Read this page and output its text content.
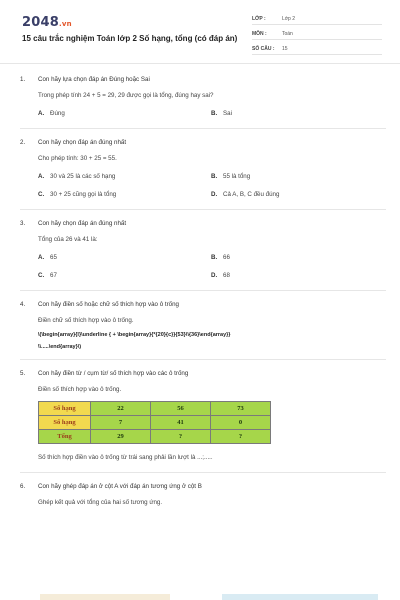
2048.vn
15 câu trắc nghiệm Toán lớp 2 Số hạng, tổng (có đáp án)
LỚP :	Lớp 2
MÔN :	Toán
SỐ CÂU :	15
1.	Con hãy lựa chọn đáp án Đúng hoặc Sai
Trong phép tính 24 + 5 = 29, 29 được gọi là tổng, đúng hay sai?
A. Đúng	B. Sai
2.	Con hãy chọn đáp án đúng nhất
Cho phép tính: 30 + 25 = 55.
A. 30 và 25 là các số hạng	B. 55 là tổng
C. 30 + 25 cũng gọi là tổng	D. Cả A, B, C đều đúng
3.	Con hãy chọn đáp án đúng nhất
Tổng của 26 và 41 là:
A. 65	B. 66
C. 67	D. 68
4.	Con hãy điền số hoặc chữ số thích hợp vào ô trống
Điền chữ số thích hợp vào ô trống.
\(\begin{array}{l}\underline { + \begin{array}{*{20}{c}}{53}\\{36}\end{array}}
\\.....\end{array}\)
5.	Con hãy điền từ / cụm từ/ số thích hợp vào các ô trống
Điền số thích hợp vào ô trống.
Số hạng	22	56	73
Số hạng	7	41	0
Tổng	29	?	?
Số thích hợp điền vào ô trống từ trái sang phải lần lượt là ...;.....
6.	Con hãy ghép đáp án ở cột A với đáp án tương ứng ở cột B
Ghép kết quả với tổng của hai số tương ứng.
